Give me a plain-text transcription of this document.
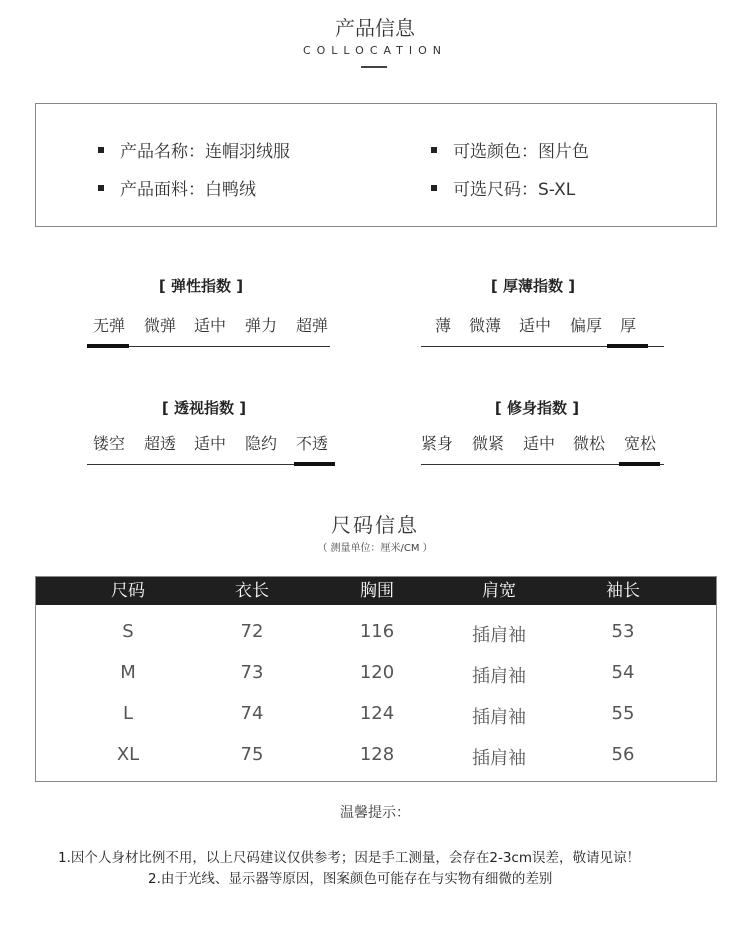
产品信息
COLLOCATION
产品名称：连帽羽绒服
产品面料：白鸭绒
可选颜色：图片色
可选尺码：S-XL
[ 弹性指数 ]
无弹	微弹	适中	弹力	超弹
[ 厚薄指数 ]
薄	微薄	适中	偏厚	厚
[ 透视指数 ]
镂空	超透	适中	隐约	不透
[ 修身指数 ]
紧身	微紧	适中	微松	宽松
尺码信息
（ 测量单位：厘米/CM ）
尺码	衣长	胸围	肩宽	袖长
S	72	116	插肩袖	53
M	73	120	插肩袖	54
L	74	124	插肩袖	55
XL	75	128	插肩袖	56
温馨提示：
1.因个人身材比例不用，以上尺码建议仅供参考；因是手工测量，会存在2-3cm误差，敬请见谅！
2.由于光线、显示器等原因，图案颜色可能存在与实物有细微的差别
